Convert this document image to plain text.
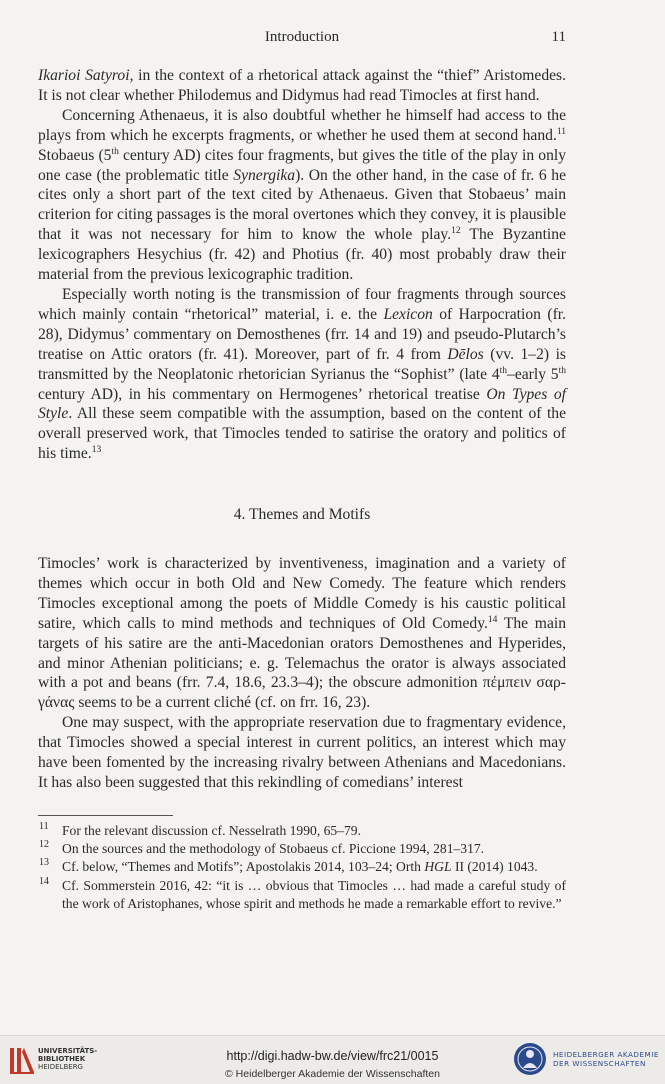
Introduction	11

Ikarioi Satyroi, in the context of a rhetorical attack against the “thief” Aristomedes. It is not clear whether Philodemus and Didymus had read Timocles at first hand.

Concerning Athenaeus, it is also doubtful whether he himself had access to the plays from which he excerpts fragments, or whether he used them at second hand.$^{11}$ Stobaeus (5th century AD) cites four fragments, but gives the title of the play in only one case (the problematic title Synergika). On the other hand, in the case of fr. 6 he cites only a short part of the text cited by Athenaeus. Given that Stobaeus’ main criterion for citing passages is the moral overtones which they convey, it is plausible that it was not necessary for him to know the whole play.$^{12}$ The Byzantine lexicographers Hesychius (fr. 42) and Photius (fr. 40) most probably draw their material from the previous lexicographic tradition.

Especially worth noting is the transmission of four fragments through sources which mainly contain “rhetorical” material, i. e. the Lexicon of Harpocration (fr. 28), Didymus’ commentary on Demosthenes (frr. 14 and 19) and pseudo-Plutarch’s treatise on Attic orators (fr. 41). Moreover, part of fr. 4 from Dēlos (vv. 1–2) is transmitted by the Neoplatonic rhetorician Syrianus the “Sophist” (late 4th–early 5th century AD), in his commentary on Hermogenes’ rhetorical treatise On Types of Style. All these seem compatible with the assumption, based on the content of the overall preserved work, that Timocles tended to satirise the oratory and politics of his time.$^{13}$

4. Themes and Motifs

Timocles’ work is characterized by inventiveness, imagination and a variety of themes which occur in both Old and New Comedy. The feature which renders Timocles exceptional among the poets of Middle Comedy is his caustic political satire, which calls to mind methods and techniques of Old Comedy.$^{14}$ The main targets of his satire are the anti-Macedonian orators Demosthenes and Hyperides, and minor Athenian politicians; e. g. Telemachus the orator is always associated with a pot and beans (frr. 7.4, 18.6, 23.3–4); the obscure admonition πέμπειν σαργάνας seems to be a current cliché (cf. on frr. 16, 23).

One may suspect, with the appropriate reservation due to fragmentary evidence, that Timocles showed a special interest in current politics, an interest which may have been fomented by the increasing rivalry between Athenians and Macedonians. It has also been suggested that this rekindling of comedians’ interest

11 For the relevant discussion cf. Nesselrath 1990, 65–79.
12 On the sources and the methodology of Stobaeus cf. Piccione 1994, 281–317.
13 Cf. below, “Themes and Motifs”; Apostolakis 2014, 103–24; Orth HGL II (2014) 1043.
14 Cf. Sommerstein 2016, 42: “it is … obvious that Timocles … had made a careful study of the work of Aristophanes, whose spirit and methods he made a remarkable effort to revive.”
UNIVERSITÄTS-
BIBLIOTHEK
HEIDELBERG
http://digi.hadw-bw.de/view/frc21/0015
© Heidelberger Akademie der Wissenschaften
HEIDELBERGER AKADEMIE
DER WISSENSCHAFTEN
